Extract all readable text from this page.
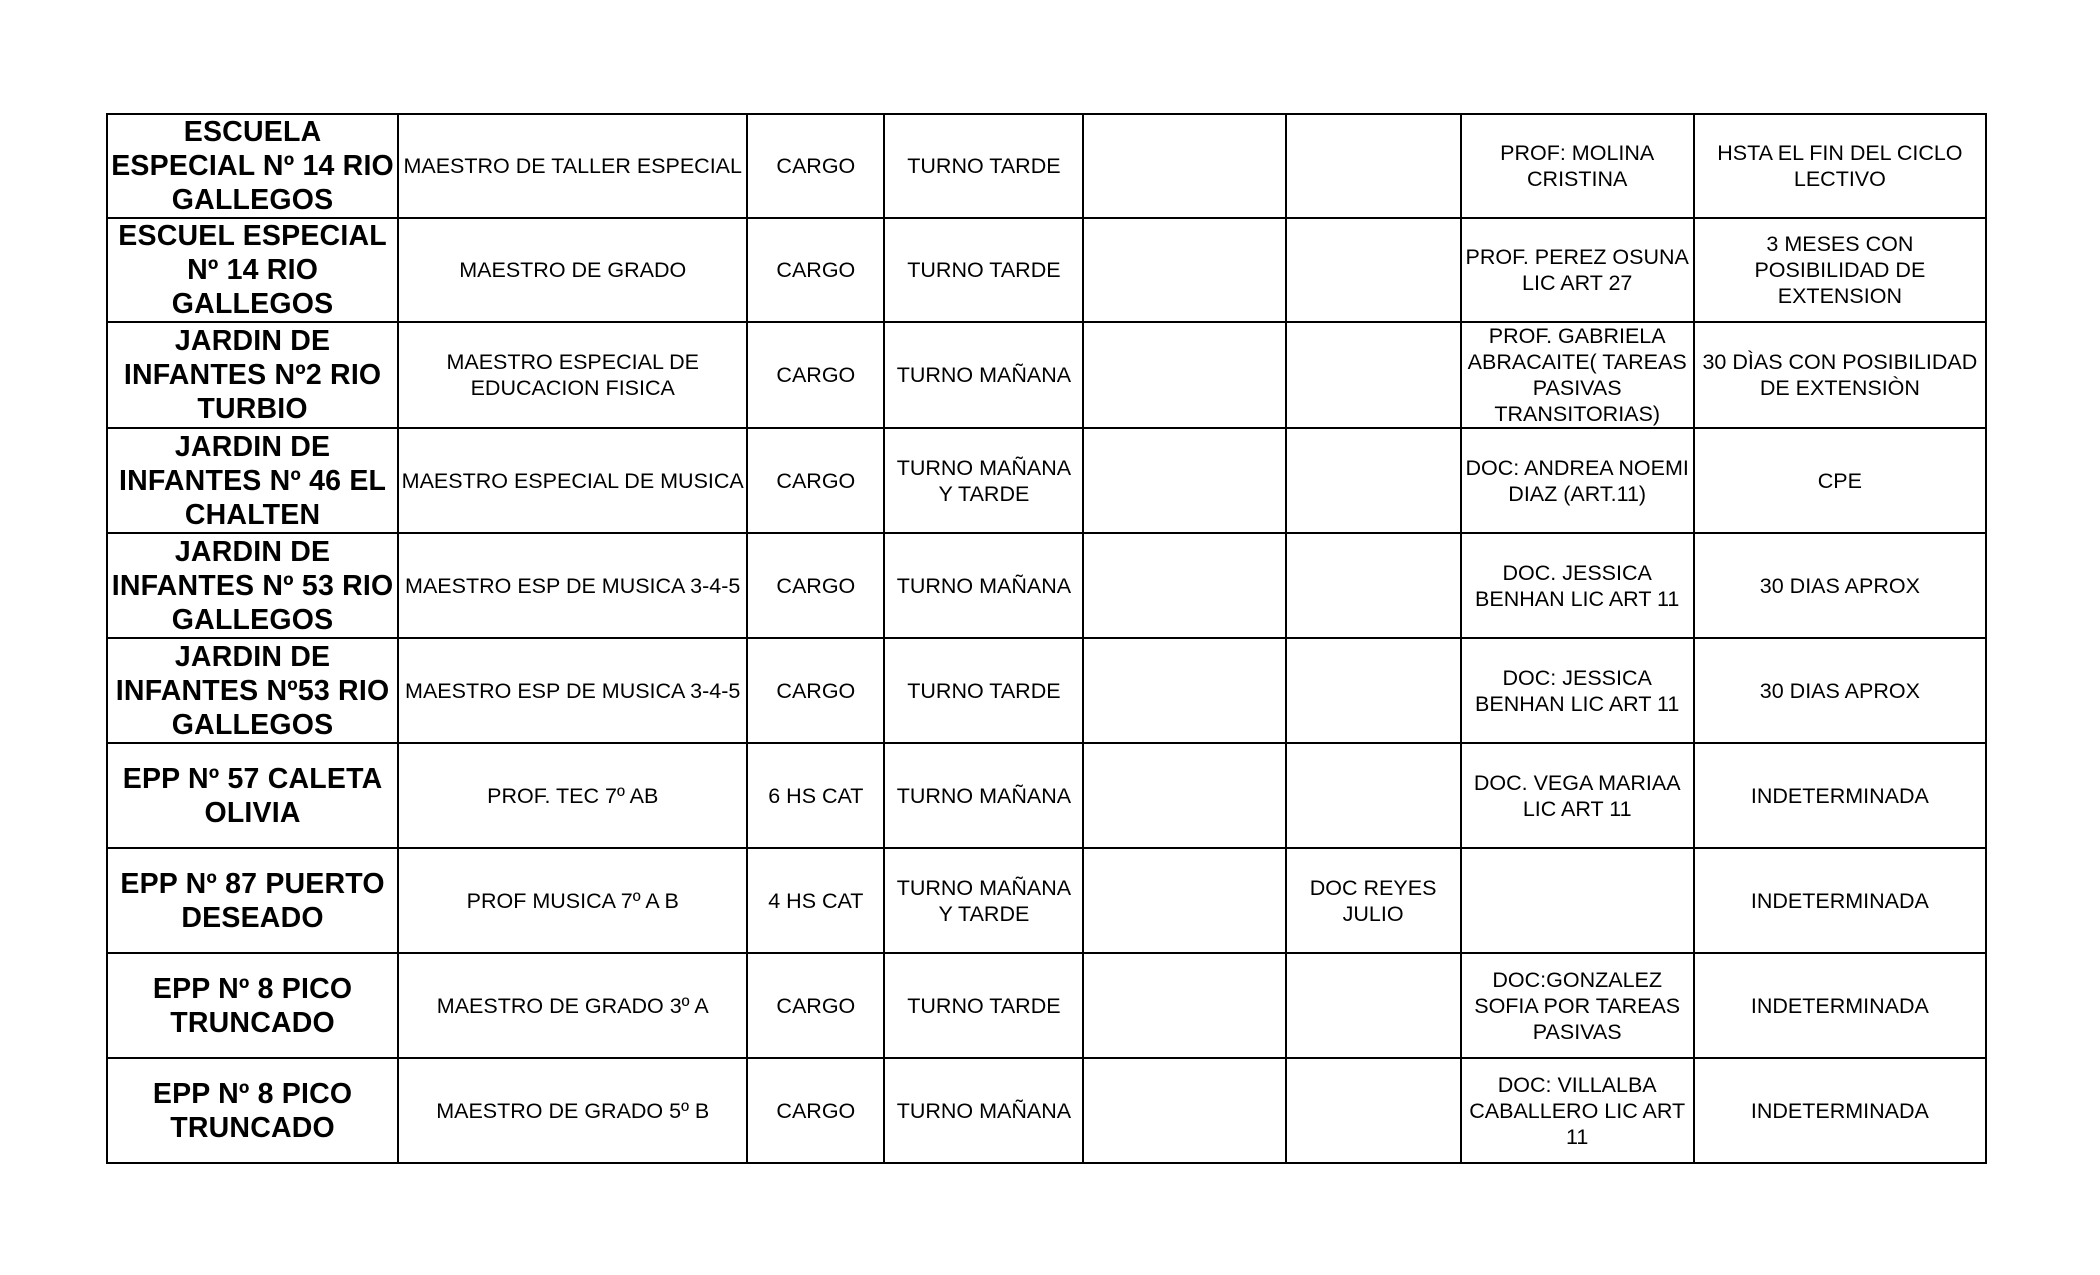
ESCUELA ESPECIAL Nº 14 RIO GALLEGOS	MAESTRO DE TALLER ESPECIAL	CARGO	TURNO TARDE			PROF: MOLINA CRISTINA	HSTA EL FIN DEL CICLO LECTIVO
ESCUEL ESPECIAL Nº 14 RIO GALLEGOS	MAESTRO DE GRADO	CARGO	TURNO TARDE			PROF. PEREZ OSUNA LIC ART 27	3 MESES CON POSIBILIDAD DE EXTENSION
JARDIN DE INFANTES Nº2 RIO TURBIO	MAESTRO ESPECIAL DE EDUCACION FISICA	CARGO	TURNO MAÑANA			PROF. GABRIELA ABRACAITE( TAREAS PASIVAS TRANSITORIAS)	30 DÌAS CON POSIBILIDAD DE EXTENSIÒN
JARDIN DE INFANTES Nº 46 EL CHALTEN	MAESTRO ESPECIAL DE MUSICA	CARGO	TURNO MAÑANA Y TARDE			DOC: ANDREA NOEMI DIAZ (ART.11)	CPE
JARDIN DE INFANTES Nº 53 RIO GALLEGOS	MAESTRO ESP DE MUSICA 3-4-5	CARGO	TURNO MAÑANA			DOC. JESSICA BENHAN LIC ART 11	30 DIAS APROX
JARDIN DE INFANTES Nº53 RIO GALLEGOS	MAESTRO ESP DE MUSICA 3-4-5	CARGO	TURNO TARDE			DOC: JESSICA BENHAN LIC ART 11	30 DIAS APROX
EPP Nº 57 CALETA OLIVIA	PROF. TEC 7º AB	6 HS CAT	TURNO MAÑANA			DOC. VEGA MARIAA LIC ART 11	INDETERMINADA
EPP Nº 87 PUERTO DESEADO	PROF MUSICA 7º A B	4 HS CAT	TURNO MAÑANA Y TARDE		DOC REYES JULIO		INDETERMINADA
EPP Nº 8 PICO TRUNCADO	MAESTRO DE GRADO 3º A	CARGO	TURNO TARDE			DOC:GONZALEZ SOFIA POR TAREAS PASIVAS	INDETERMINADA
EPP Nº 8 PICO TRUNCADO	MAESTRO DE GRADO 5º B	CARGO	TURNO MAÑANA			DOC: VILLALBA CABALLERO LIC ART 11	INDETERMINADA
